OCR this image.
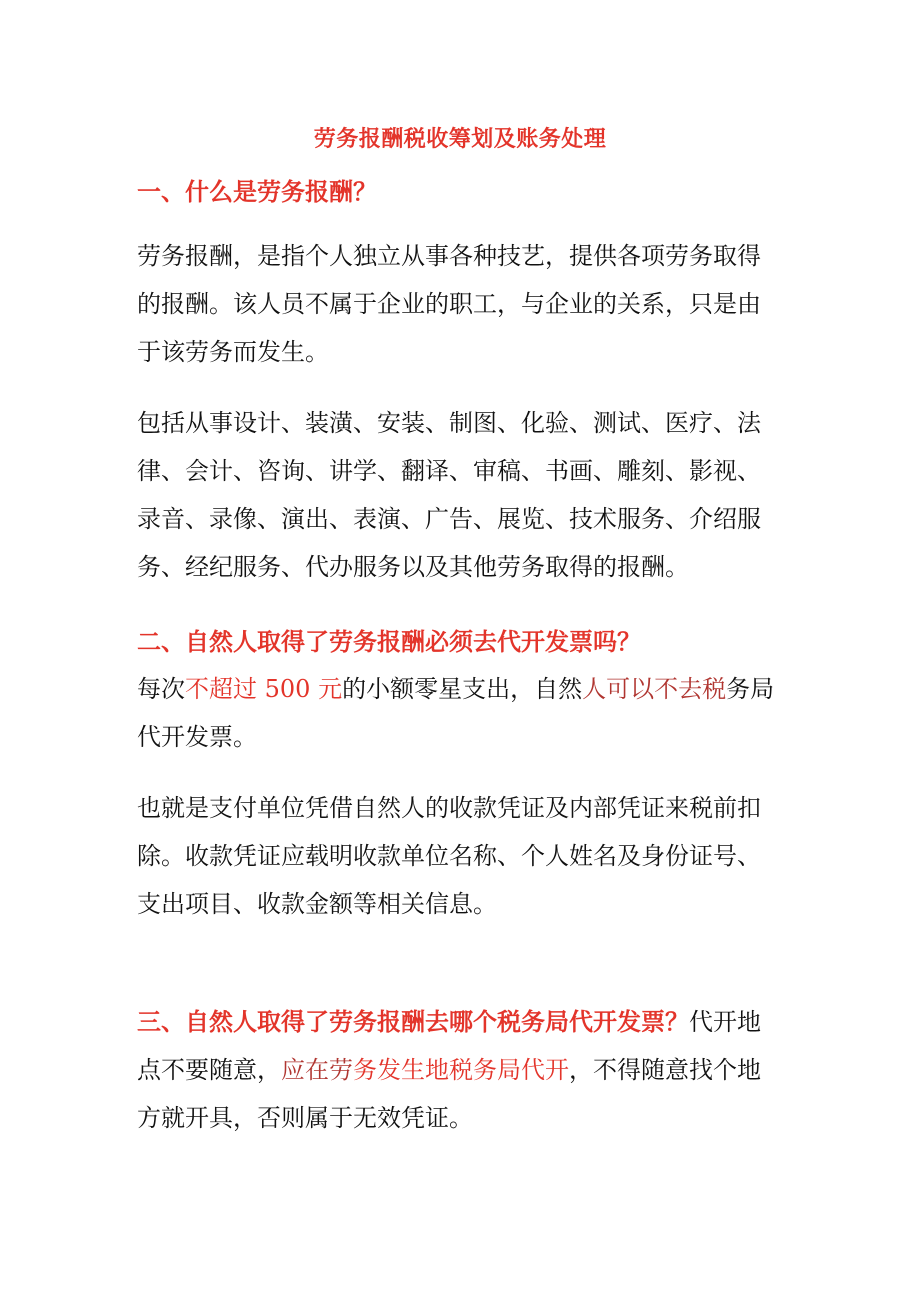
劳务报酬税收筹划及账务处理
一、什么是劳务报酬？

劳务报酬，是指个人独立从事各种技艺，提供各项劳务取得
的报酬。该人员不属于企业的职工，与企业的关系，只是由
于该劳务而发生。

包括从事设计、装潢、安装、制图、化验、测试、医疗、法
律、会计、咨询、讲学、翻译、审稿、书画、雕刻、影视、
录音、录像、演出、表演、广告、展览、技术服务、介绍服
务、经纪服务、代办服务以及其他劳务取得的报酬。

二、自然人取得了劳务报酬必须去代开发票吗？

每次不超过 500 元的小额零星支出，自然人可以不去税务局
代开发票。

也就是支付单位凭借自然人的收款凭证及内部凭证来税前扣
除。收款凭证应载明收款单位名称、个人姓名及身份证号、
支出项目、收款金额等相关信息。

三、自然人取得了劳务报酬去哪个税务局代开发票？代开地
点不要随意，应在劳务发生地税务局代开，不得随意找个地
方就开具，否则属于无效凭证。
